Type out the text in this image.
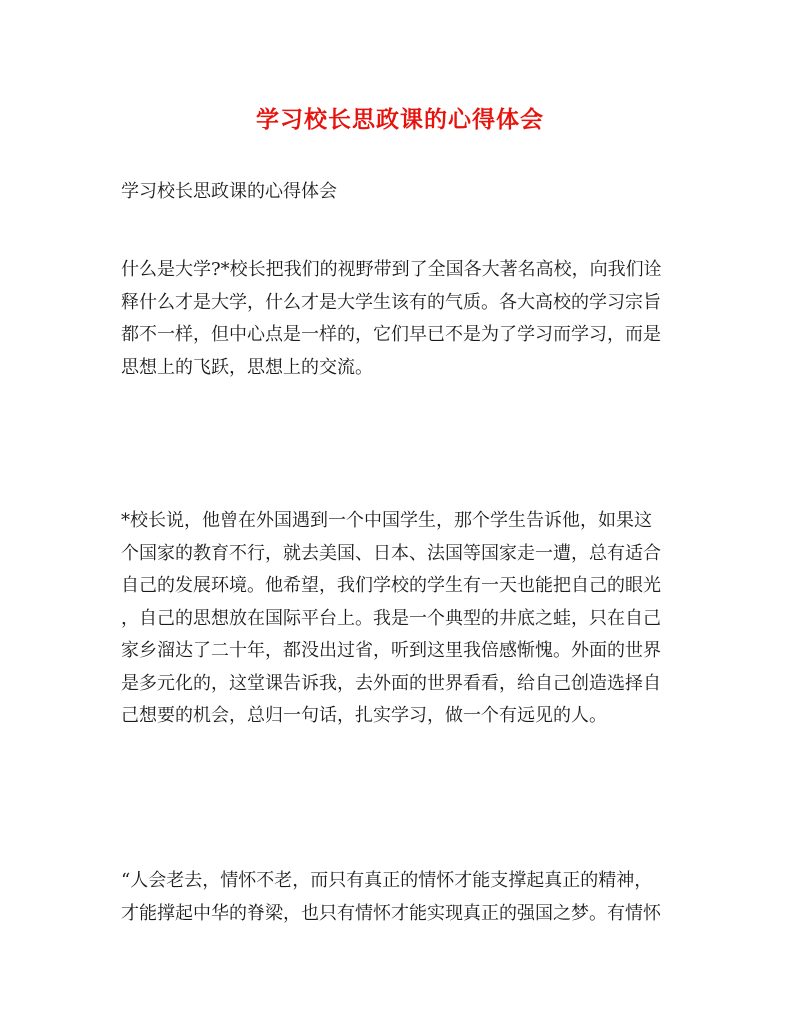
学习校长思政课的心得体会
学习校长思政课的心得体会
什么是大学?*校长把我们的视野带到了全国各大著名高校，向我们诠
释什么才是大学，什么才是大学生该有的气质。各大高校的学习宗旨
都不一样，但中心点是一样的，它们早已不是为了学习而学习，而是
思想上的飞跃，思想上的交流。
*校长说，他曾在外国遇到一个中国学生，那个学生告诉他，如果这
个国家的教育不行，就去美国、日本、法国等国家走一遭，总有适合
自己的发展环境。他希望，我们学校的学生有一天也能把自己的眼光
，自己的思想放在国际平台上。我是一个典型的井底之蛙，只在自己
家乡溜达了二十年，都没出过省，听到这里我倍感惭愧。外面的世界
是多元化的，这堂课告诉我，去外面的世界看看，给自己创造选择自
己想要的机会，总归一句话，扎实学习，做一个有远见的人。
“人会老去，情怀不老，而只有真正的情怀才能支撑起真正的精神，
才能撑起中华的脊梁，也只有情怀才能实现真正的强国之梦。有情怀
